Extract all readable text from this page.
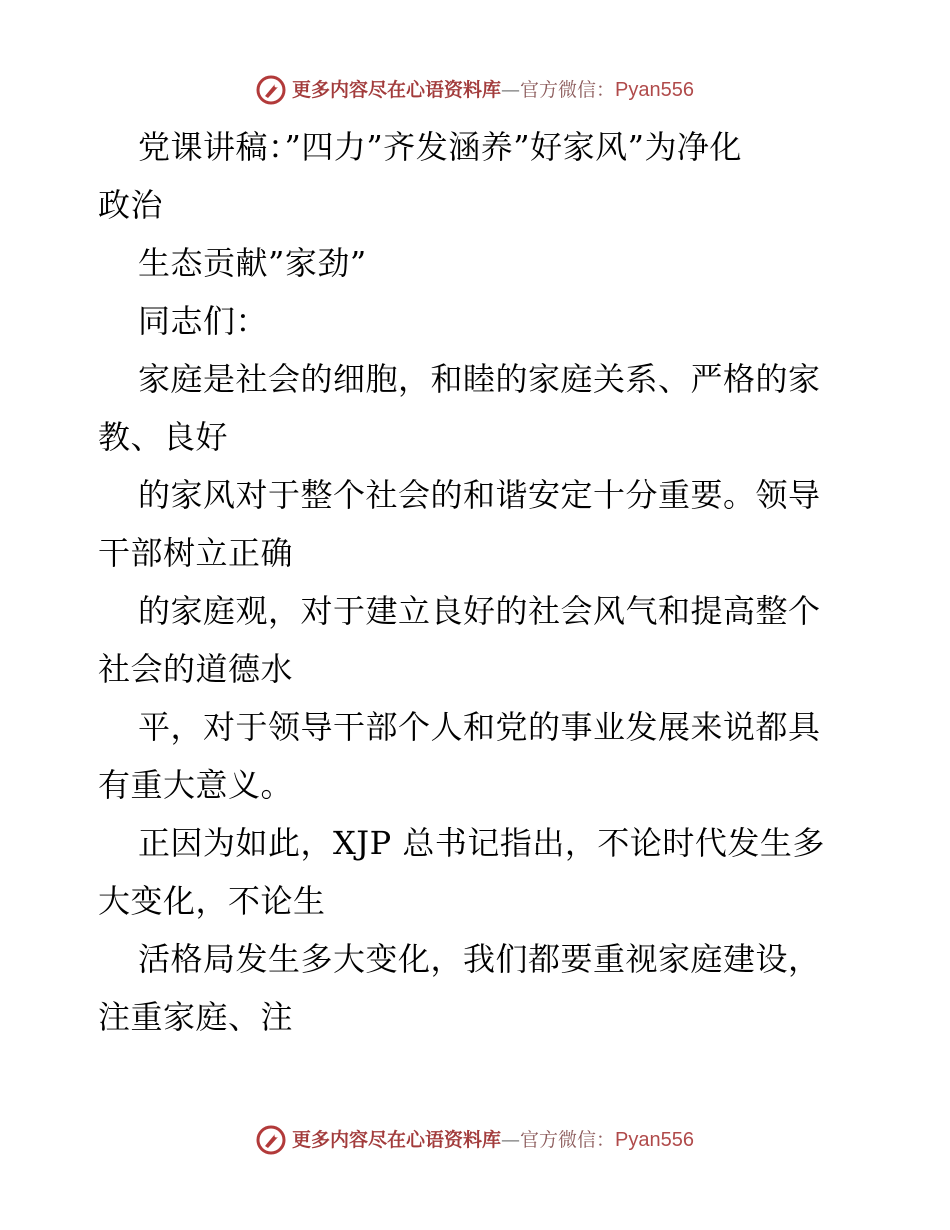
更多内容尽在心语资料库 — 官方微信： Pyan556
党课讲稿：”四力”齐发涵养”好家风”为净化
政治
生态贡献”家劲”
同志们：
家庭是社会的细胞，和睦的家庭关系、严格的家
教、良好
的家风对于整个社会的和谐安定十分重要。领导
干部树立正确
的家庭观，对于建立良好的社会风气和提高整个
社会的道德水
平，对于领导干部个人和党的事业发展来说都具
有重大意义。
正因为如此，XJP 总书记指出，不论时代发生多
大变化，不论生
活格局发生多大变化，我们都要重视家庭建设，
注重家庭、注
更多内容尽在心语资料库 — 官方微信： Pyan556
